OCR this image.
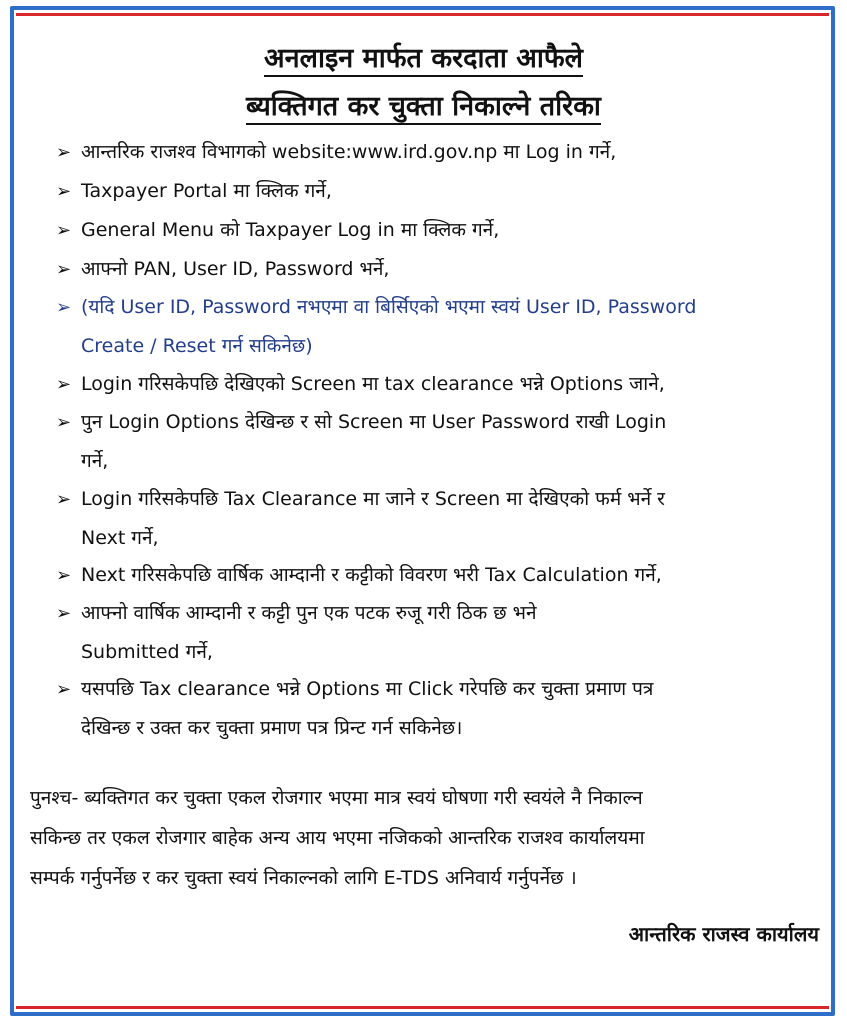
अनलाइन मार्फत करदाता आफैले
ब्यक्तिगत कर चुक्ता निकाल्ने तरिका
➢ आन्तरिक राजश्व विभागको website:www.ird.gov.np मा Log in गर्ने,
➢ Taxpayer Portal मा क्लिक गर्ने,
➢ General Menu को Taxpayer Log in मा क्लिक गर्ने,
➢ आफ्नो PAN, User ID, Password भर्ने,
➢ (यदि User ID, Password नभएमा वा बिर्सिएको भएमा स्वयं User ID, Password
Create / Reset गर्न सकिनेछ)
➢ Login गरिसकेपछि देखिएको Screen मा tax clearance भन्ने Options जाने,
➢ पुन Login Options देखिन्छ र सो Screen मा User Password राखी Login
गर्ने,
➢ Login गरिसकेपछि Tax Clearance मा जाने र Screen मा देखिएको फर्म भर्ने र
Next गर्ने,
➢ Next गरिसकेपछि वार्षिक आम्दानी र कट्टीको विवरण भरी Tax Calculation गर्ने,
➢ आफ्नो वार्षिक आम्दानी र कट्टी पुन एक पटक रुजू गरी ठिक छ भने
Submitted गर्ने,
➢ यसपछि Tax clearance भन्ने Options मा Click गरेपछि कर चुक्ता प्रमाण पत्र
देखिन्छ र उक्त कर चुक्ता प्रमाण पत्र प्रिन्ट गर्न सकिनेछ।
पुनश्च- ब्यक्तिगत कर चुक्ता एकल रोजगार भएमा मात्र स्वयं घोषणा गरी स्वयंले नै निकाल्न
सकिन्छ तर एकल रोजगार बाहेक अन्य आय भएमा नजिकको आन्तरिक राजश्व कार्यालयमा
सम्पर्क गर्नुपर्नेछ र कर चुक्ता स्वयं निकाल्नको लागि E-TDS अनिवार्य गर्नुपर्नेछ ।
आन्तरिक राजस्व कार्यालय
